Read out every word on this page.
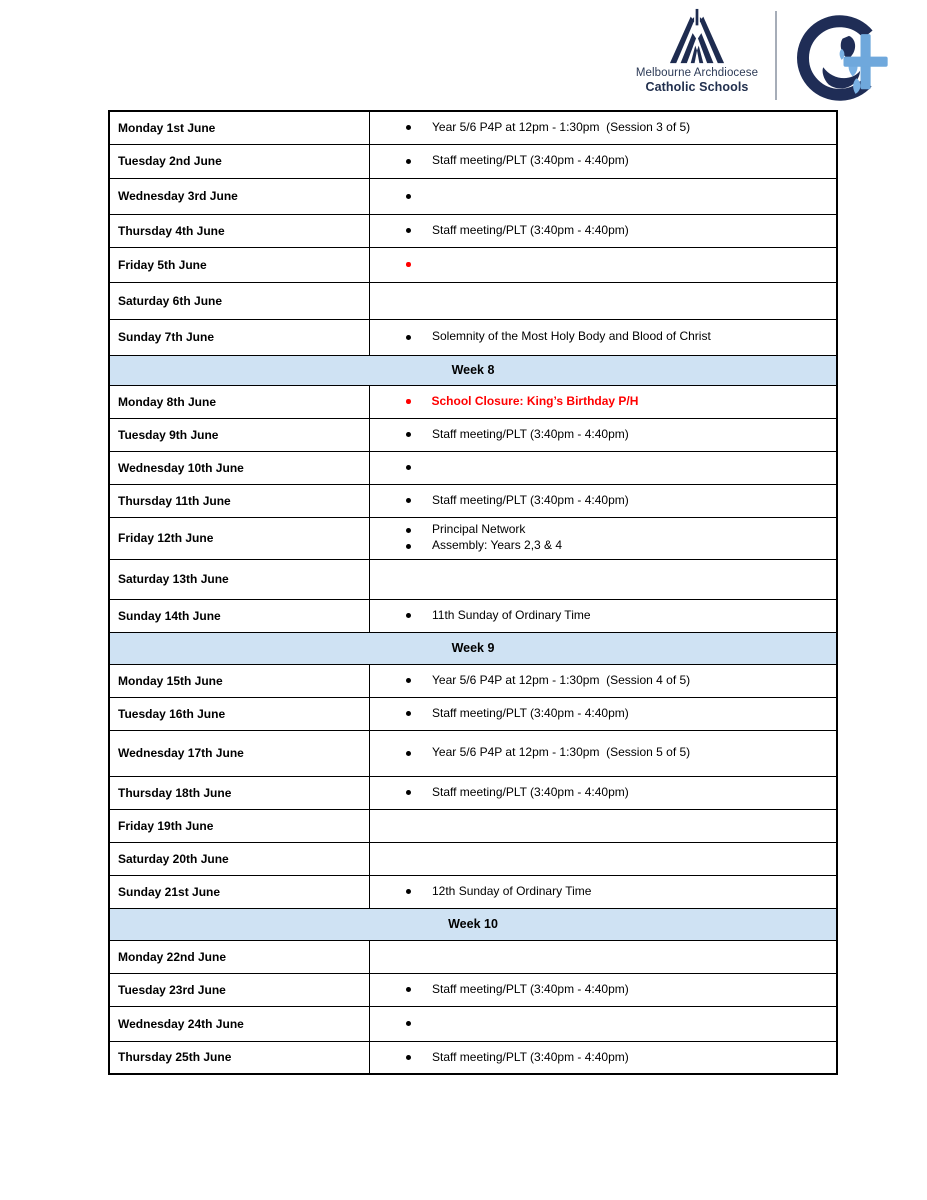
Melbourne Archdiocese
Catholic Schools
Monday 1st June	Year 5/6 P4P at 12pm - 1:30pm  (Session 3 of 5)

Tuesday 2nd June	Staff meeting/PLT (3:40pm - 4:40pm)

Wednesday 3rd June	

Thursday 4th June	Staff meeting/PLT (3:40pm - 4:40pm)

Friday 5th June	

Saturday 6th June	
Sunday 7th June	Solemnity of the Most Holy Body and Blood of Christ

Week 8	
Monday 8th June	School Closure: King’s Birthday P/H

Tuesday 9th June	Staff meeting/PLT (3:40pm - 4:40pm)

Wednesday 10th June	

Thursday 11th June	Staff meeting/PLT (3:40pm - 4:40pm)

Friday 12th June	Principal Network
Assembly: Years 2,3 & 4

Saturday 13th June	
Sunday 14th June	11th Sunday of Ordinary Time

Week 9	
Monday 15th June	Year 5/6 P4P at 12pm - 1:30pm  (Session 4 of 5)

Tuesday 16th June	Staff meeting/PLT (3:40pm - 4:40pm)

Wednesday 17th June	Year 5/6 P4P at 12pm - 1:30pm  (Session 5 of 5)

Thursday 18th June	Staff meeting/PLT (3:40pm - 4:40pm)

Friday 19th June	
Saturday 20th June	
Sunday 21st June	12th Sunday of Ordinary Time

Week 10	
Monday 22nd June	
Tuesday 23rd June	Staff meeting/PLT (3:40pm - 4:40pm)

Wednesday 24th June	

Thursday 25th June	Staff meeting/PLT (3:40pm - 4:40pm)
